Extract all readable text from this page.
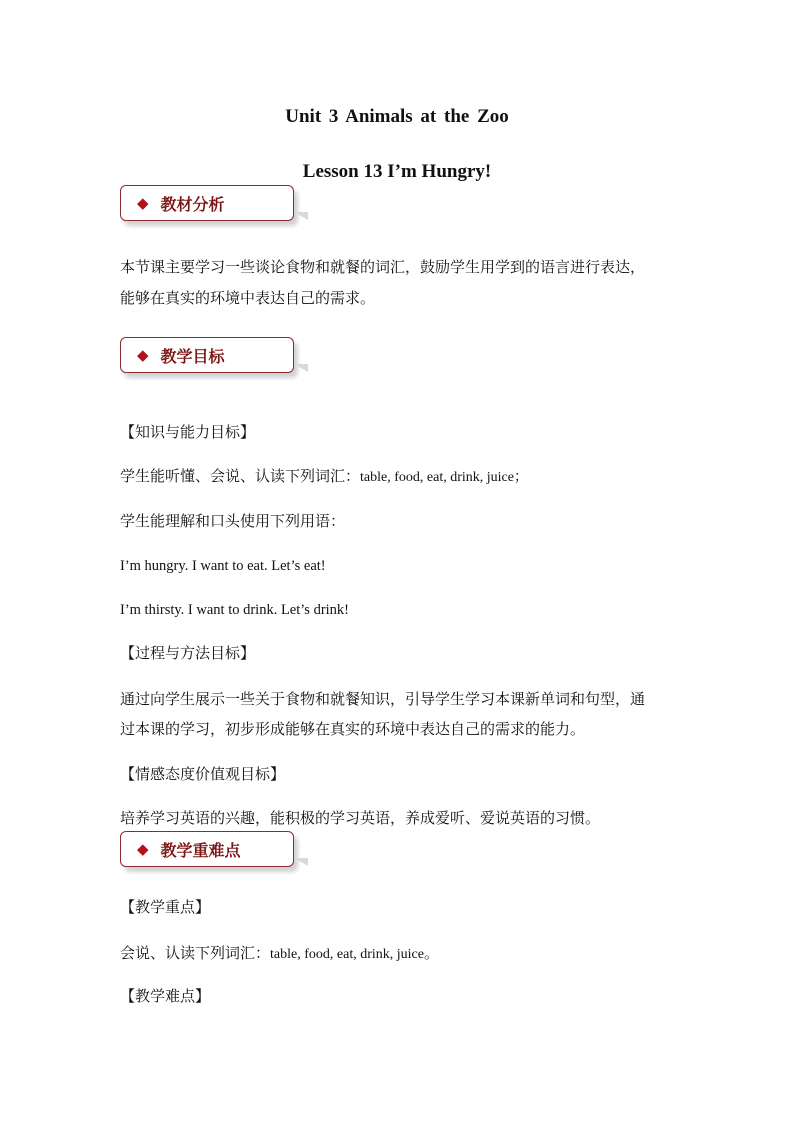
Unit 3 Animals at the Zoo
Lesson 13 I’m Hungry!
◆ 教材分析

本节课主要学习一些谈论食物和就餐的词汇，鼓励学生用学到的语言进行表达，

能够在真实的环境中表达自己的需求。

◆ 教学目标

【知识与能力目标】

学生能听懂、会说、认读下列词汇：table, food, eat, drink, juice；

学生能理解和口头使用下列用语：

I’m hungry. I want to eat. Let’s eat!

I’m thirsty. I want to drink. Let’s drink!

【过程与方法目标】

通过向学生展示一些关于食物和就餐知识，引导学生学习本课新单词和句型，通

过本课的学习，初步形成能够在真实的环境中表达自己的需求的能力。

【情感态度价值观目标】

培养学习英语的兴趣，能积极的学习英语，养成爱听、爱说英语的习惯。

◆ 教学重难点

【教学重点】

会说、认读下列词汇：table, food, eat, drink, juice。

【教学难点】
